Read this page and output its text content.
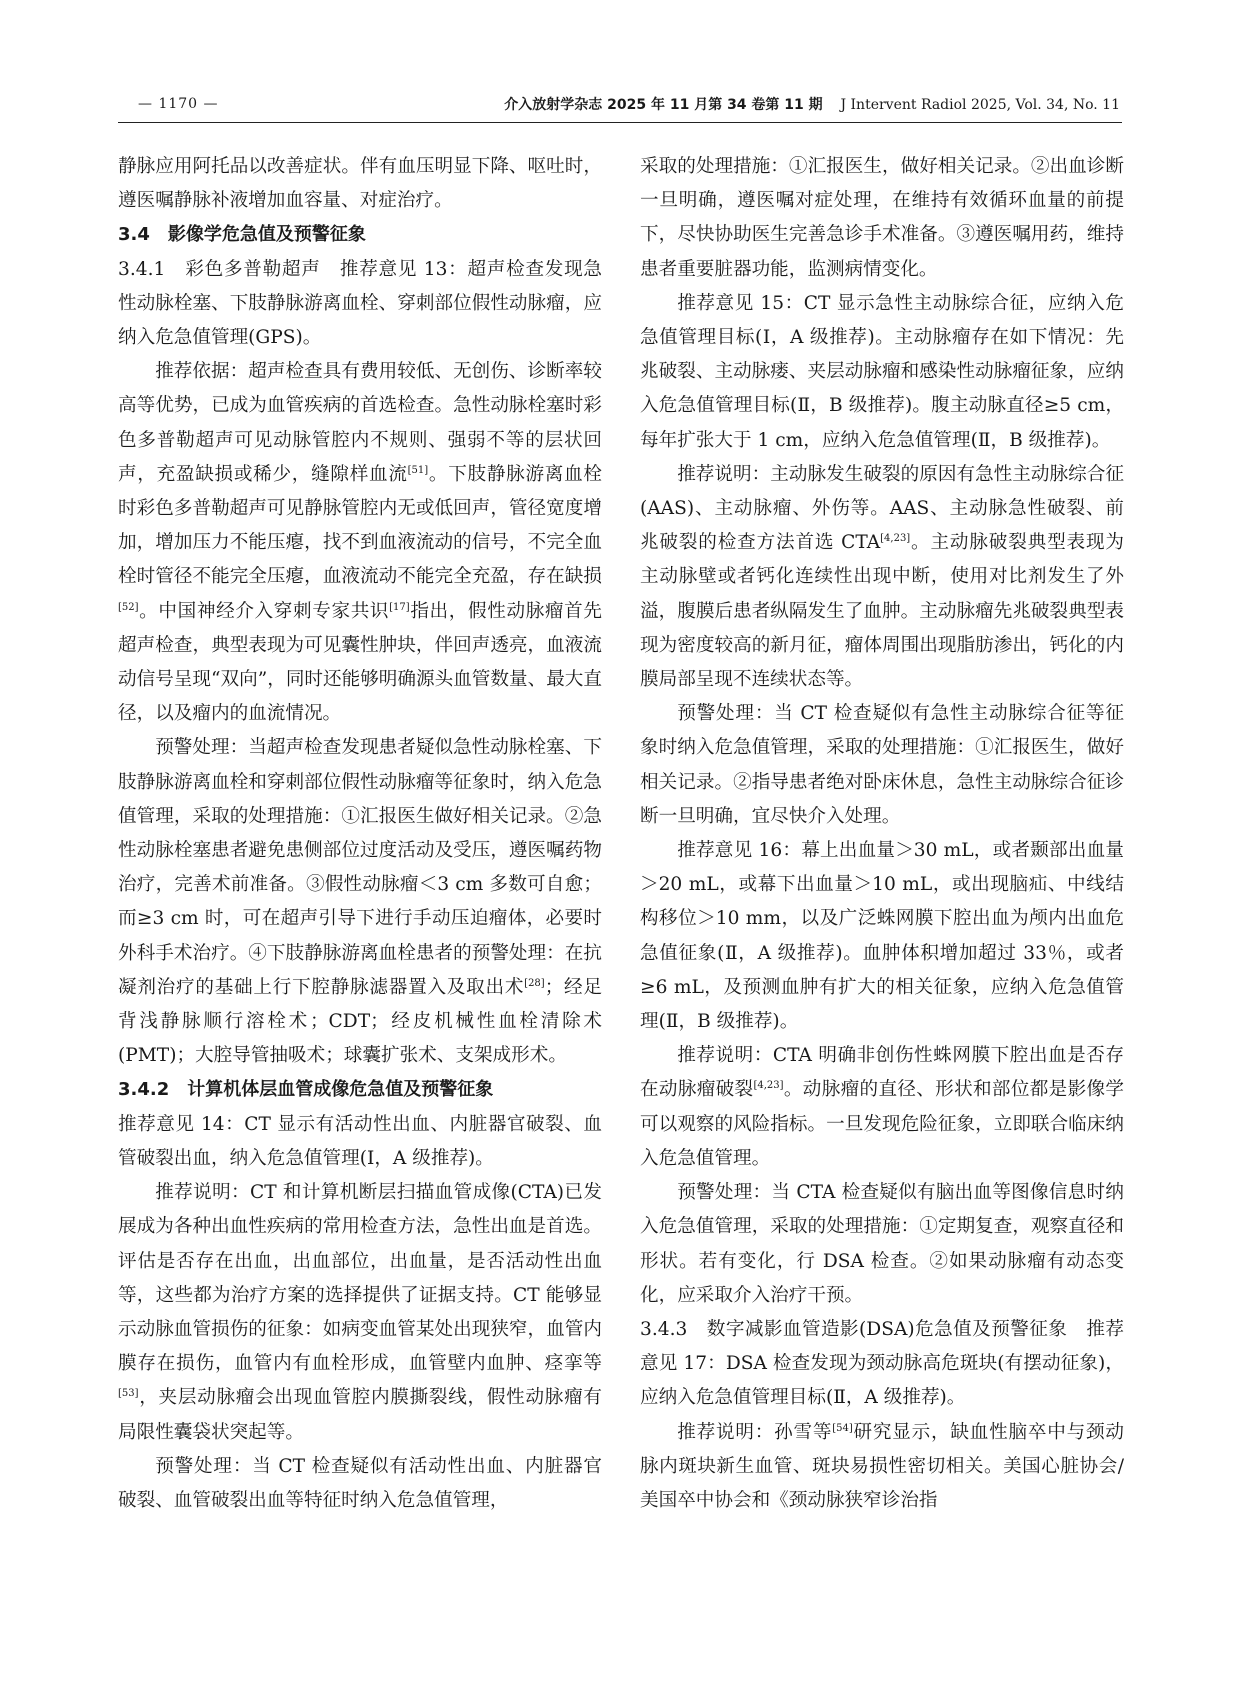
— 1170 —	介入放射学杂志 2025 年 11 月第 34 卷第 11 期 J Intervent Radiol 2025, Vol. 34, No. 11

静脉应用阿托品以改善症状。伴有血压明显下降、呕吐时，遵医嘱静脉补液增加血容量、对症治疗。

3.4　影像学危急值及预警征象

3.4.1　彩色多普勒超声　推荐意见 13：超声检查发现急性动脉栓塞、下肢静脉游离血栓、穿刺部位假性动脉瘤，应纳入危急值管理(GPS)。

推荐依据：超声检查具有费用较低、无创伤、诊断率较高等优势，已成为血管疾病的首选检查。急性动脉栓塞时彩色多普勒超声可见动脉管腔内不规则、强弱不等的层状回声，充盈缺损或稀少，缝隙样血流[51]。下肢静脉游离血栓时彩色多普勒超声可见静脉管腔内无或低回声，管径宽度增加，增加压力不能压瘪，找不到血液流动的信号，不完全血栓时管径不能完全压瘪，血液流动不能完全充盈，存在缺损[52]。中国神经介入穿刺专家共识[17]指出，假性动脉瘤首先超声检查，典型表现为可见囊性肿块，伴回声透亮，血液流动信号呈现“双向”，同时还能够明确源头血管数量、最大直径，以及瘤内的血流情况。

预警处理：当超声检查发现患者疑似急性动脉栓塞、下肢静脉游离血栓和穿刺部位假性动脉瘤等征象时，纳入危急值管理，采取的处理措施：①汇报医生做好相关记录。②急性动脉栓塞患者避免患侧部位过度活动及受压，遵医嘱药物治疗，完善术前准备。③假性动脉瘤＜3 cm 多数可自愈；而≥3 cm 时，可在超声引导下进行手动压迫瘤体，必要时外科手术治疗。④下肢静脉游离血栓患者的预警处理：在抗凝剂治疗的基础上行下腔静脉滤器置入及取出术[28]；经足背浅静脉顺行溶栓术；CDT；经皮机械性血栓清除术(PMT)；大腔导管抽吸术；球囊扩张术、支架成形术。

3.4.2　计算机体层血管成像危急值及预警征象

推荐意见 14：CT 显示有活动性出血、内脏器官破裂、血管破裂出血，纳入危急值管理(Ⅰ，A 级推荐)。

推荐说明：CT 和计算机断层扫描血管成像(CTA)已发展成为各种出血性疾病的常用检查方法，急性出血是首选。评估是否存在出血，出血部位，出血量，是否活动性出血等，这些都为治疗方案的选择提供了证据支持。CT 能够显示动脉血管损伤的征象：如病变血管某处出现狭窄，血管内膜存在损伤，血管内有血栓形成，血管壁内血肿、痉挛等[53]，夹层动脉瘤会出现血管腔内膜撕裂线，假性动脉瘤有局限性囊袋状突起等。

预警处理：当 CT 检查疑似有活动性出血、内脏器官破裂、血管破裂出血等特征时纳入危急值管理，

采取的处理措施：①汇报医生，做好相关记录。②出血诊断一旦明确，遵医嘱对症处理，在维持有效循环血量的前提下，尽快协助医生完善急诊手术准备。③遵医嘱用药，维持患者重要脏器功能，监测病情变化。

推荐意见 15：CT 显示急性主动脉综合征，应纳入危急值管理目标(Ⅰ，A 级推荐)。主动脉瘤存在如下情况：先兆破裂、主动脉瘘、夹层动脉瘤和感染性动脉瘤征象，应纳入危急值管理目标(Ⅱ，B 级推荐)。腹主动脉直径≥5 cm，每年扩张大于 1 cm，应纳入危急值管理(Ⅱ，B 级推荐)。

推荐说明：主动脉发生破裂的原因有急性主动脉综合征(AAS)、主动脉瘤、外伤等。AAS、主动脉急性破裂、前兆破裂的检查方法首选 CTA[4,23]。主动脉破裂典型表现为主动脉壁或者钙化连续性出现中断，使用对比剂发生了外溢，腹膜后患者纵隔发生了血肿。主动脉瘤先兆破裂典型表现为密度较高的新月征，瘤体周围出现脂肪渗出，钙化的内膜局部呈现不连续状态等。

预警处理：当 CT 检查疑似有急性主动脉综合征等征象时纳入危急值管理，采取的处理措施：①汇报医生，做好相关记录。②指导患者绝对卧床休息，急性主动脉综合征诊断一旦明确，宜尽快介入处理。

推荐意见 16：幕上出血量＞30 mL，或者颞部出血量＞20 mL，或幕下出血量＞10 mL，或出现脑疝、中线结构移位＞10 mm，以及广泛蛛网膜下腔出血为颅内出血危急值征象(Ⅱ，A 级推荐)。血肿体积增加超过 33％，或者≥6 mL，及预测血肿有扩大的相关征象，应纳入危急值管理(Ⅱ，B 级推荐)。

推荐说明：CTA 明确非创伤性蛛网膜下腔出血是否存在动脉瘤破裂[4,23]。动脉瘤的直径、形状和部位都是影像学可以观察的风险指标。一旦发现危险征象，立即联合临床纳入危急值管理。

预警处理：当 CTA 检查疑似有脑出血等图像信息时纳入危急值管理，采取的处理措施：①定期复查，观察直径和形状。若有变化，行 DSA 检查。②如果动脉瘤有动态变化，应采取介入治疗干预。

3.4.3　数字减影血管造影(DSA)危急值及预警征象　推荐意见 17：DSA 检查发现为颈动脉高危斑块(有摆动征象)，应纳入危急值管理目标(Ⅱ，A 级推荐)。

推荐说明：孙雪等[54]研究显示，缺血性脑卒中与颈动脉内斑块新生血管、斑块易损性密切相关。美国心脏协会/美国卒中协会和《颈动脉狭窄诊治指
